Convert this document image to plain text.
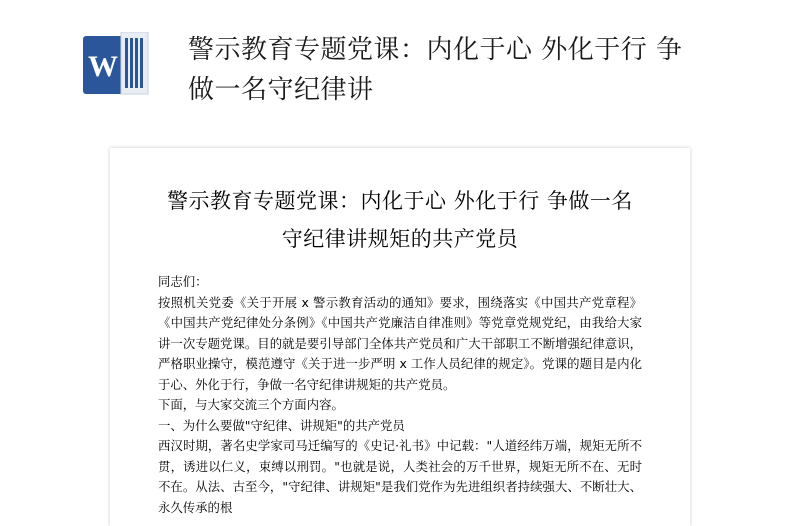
W	警示教育专题党课：内化于心 外化于行 争做一名守纪律讲
警示教育专题党课：内化于心 外化于行 争做一名守纪律讲规矩的共产党员

同志们：

按照机关党委《关于开展 x 警示教育活动的通知》要求，围绕落实《中国共产党章程》《中国共产党纪律处分条例》《中国共产党廉洁自律准则》等党章党规党纪，由我给大家讲一次专题党课。目的就是要引导部门全体共产党员和广大干部职工不断增强纪律意识，严格职业操守，模范遵守《关于进一步严明 x 工作人员纪律的规定》。党课的题目是内化于心、外化于行，争做一名守纪律讲规矩的共产党员。

下面，与大家交流三个方面内容。

一、为什么要做"守纪律、讲规矩"的共产党员

西汉时期，著名史学家司马迁编写的《史记·礼书》中记载："人道经纬万端，规矩无所不贯，诱进以仁义，束缚以刑罚。"也就是说，人类社会的万千世界，规矩无所不在、无时不在。从法、古至今，"守纪律、讲规矩"是我们党作为先进组织者持续强大、不断壮大、永久传承的根
